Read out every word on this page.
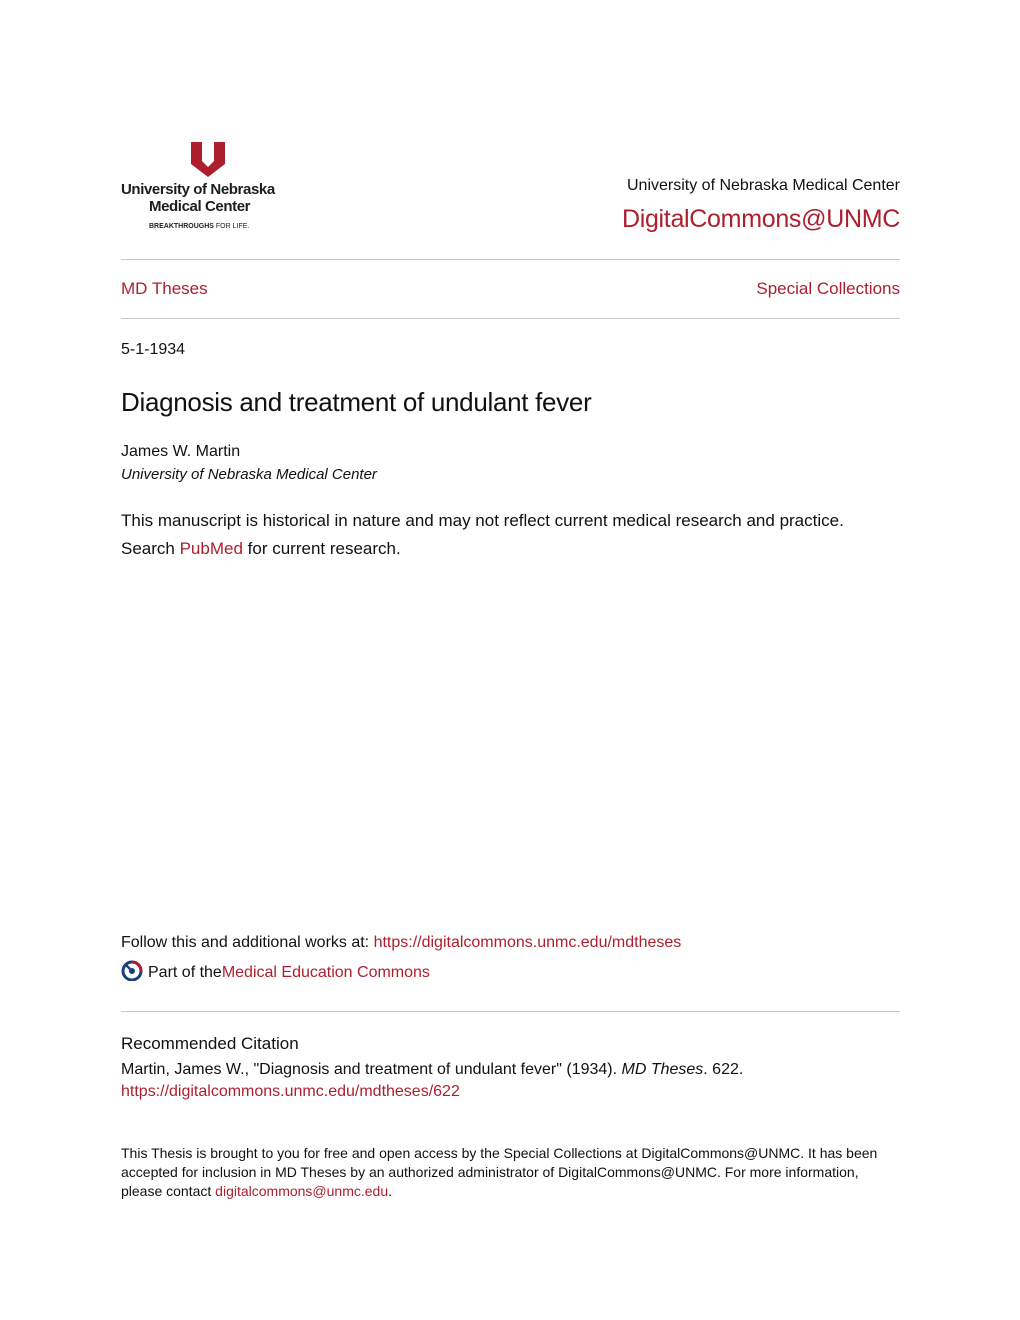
University of Nebraska
Medical Center
BREAKTHROUGHS FOR LIFE.
University of Nebraska Medical Center
DigitalCommons@UNMC
MD Theses	Special Collections
5-1-1934
Diagnosis and treatment of undulant fever
James W. Martin
University of Nebraska Medical Center
This manuscript is historical in nature and may not reflect current medical research and practice. Search PubMed for current research.
Follow this and additional works at: https://digitalcommons.unmc.edu/mdtheses
Part of the Medical Education Commons
Recommended Citation
Martin, James W., "Diagnosis and treatment of undulant fever" (1934). MD Theses. 622.
https://digitalcommons.unmc.edu/mdtheses/622
This Thesis is brought to you for free and open access by the Special Collections at DigitalCommons@UNMC. It has been accepted for inclusion in MD Theses by an authorized administrator of DigitalCommons@UNMC. For more information, please contact digitalcommons@unmc.edu.
